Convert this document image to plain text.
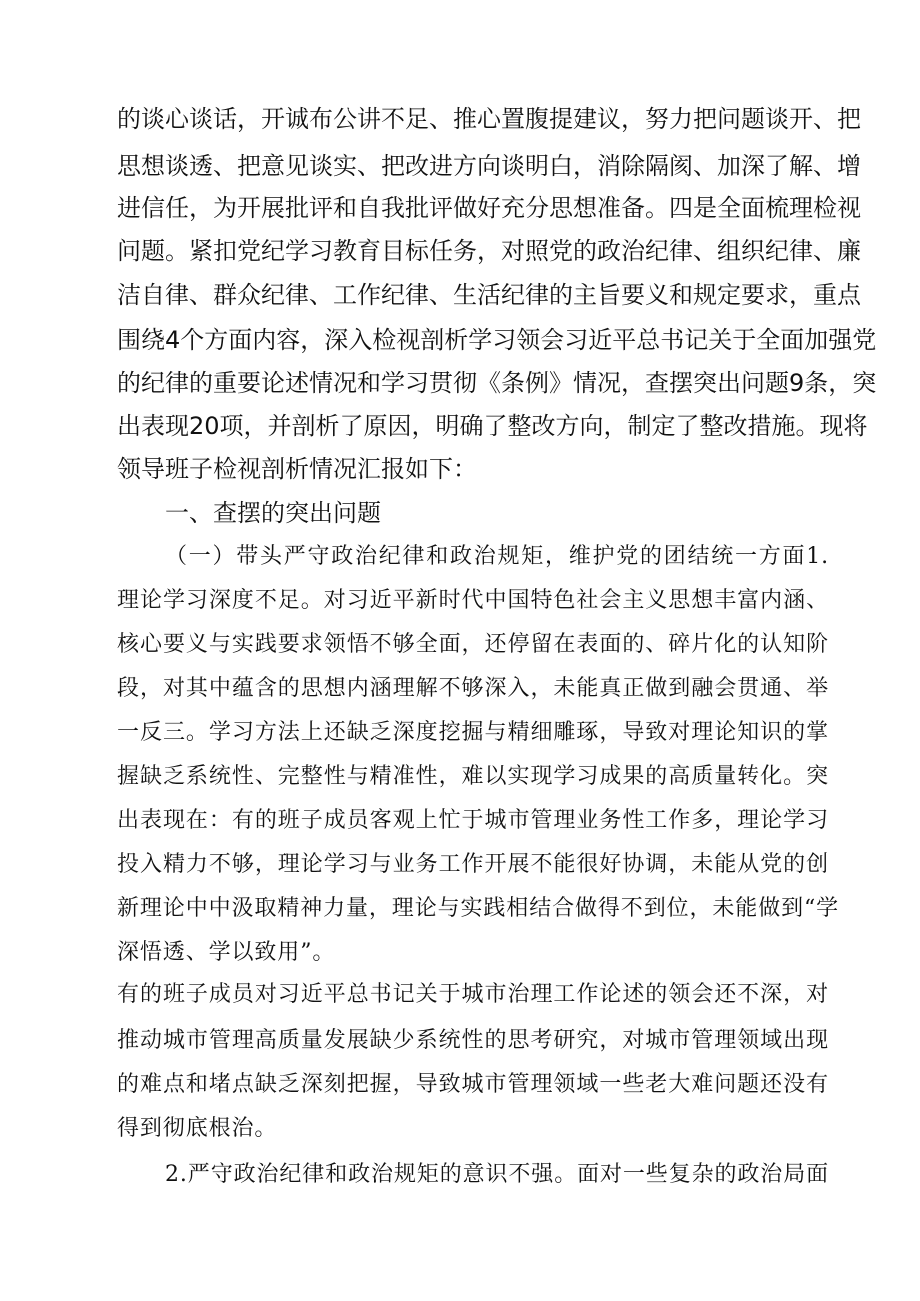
的谈心谈话，开诚布公讲不足、推心置腹提建议，努力把问题谈开、把
思想谈透、把意见谈实、把改进方向谈明白，消除隔阂、加深了解、增
进信任，为开展批评和自我批评做好充分思想准备。四是全面梳理检视
问题。紧扣党纪学习教育目标任务，对照党的政治纪律、组织纪律、廉
洁自律、群众纪律、工作纪律、生活纪律的主旨要义和规定要求，重点
围绕4个方面内容，深入检视剖析学习领会习近平总书记关于全面加强党
的纪律的重要论述情况和学习贯彻《条例》情况，查摆突出问题9条，突
出表现20项，并剖析了原因，明确了整改方向，制定了整改措施。现将
领导班子检视剖析情况汇报如下：
一、查摆的突出问题
（一）带头严守政治纪律和政治规矩，维护党的团结统一方面1.
理论学习深度不足。对习近平新时代中国特色社会主义思想丰富内涵、
核心要义与实践要求领悟不够全面，还停留在表面的、碎片化的认知阶
段，对其中蕴含的思想内涵理解不够深入，未能真正做到融会贯通、举
一反三。学习方法上还缺乏深度挖掘与精细雕琢，导致对理论知识的掌
握缺乏系统性、完整性与精准性，难以实现学习成果的高质量转化。突
出表现在：有的班子成员客观上忙于城市管理业务性工作多，理论学习
投入精力不够，理论学习与业务工作开展不能很好协调，未能从党的创
新理论中中汲取精神力量，理论与实践相结合做得不到位，未能做到“学
深悟透、学以致用”。
有的班子成员对习近平总书记关于城市治理工作论述的领会还不深，对
推动城市管理高质量发展缺少系统性的思考研究，对城市管理领域出现
的难点和堵点缺乏深刻把握，导致城市管理领域一些老大难问题还没有
得到彻底根治。
2.严守政治纪律和政治规矩的意识不强。面对一些复杂的政治局面
